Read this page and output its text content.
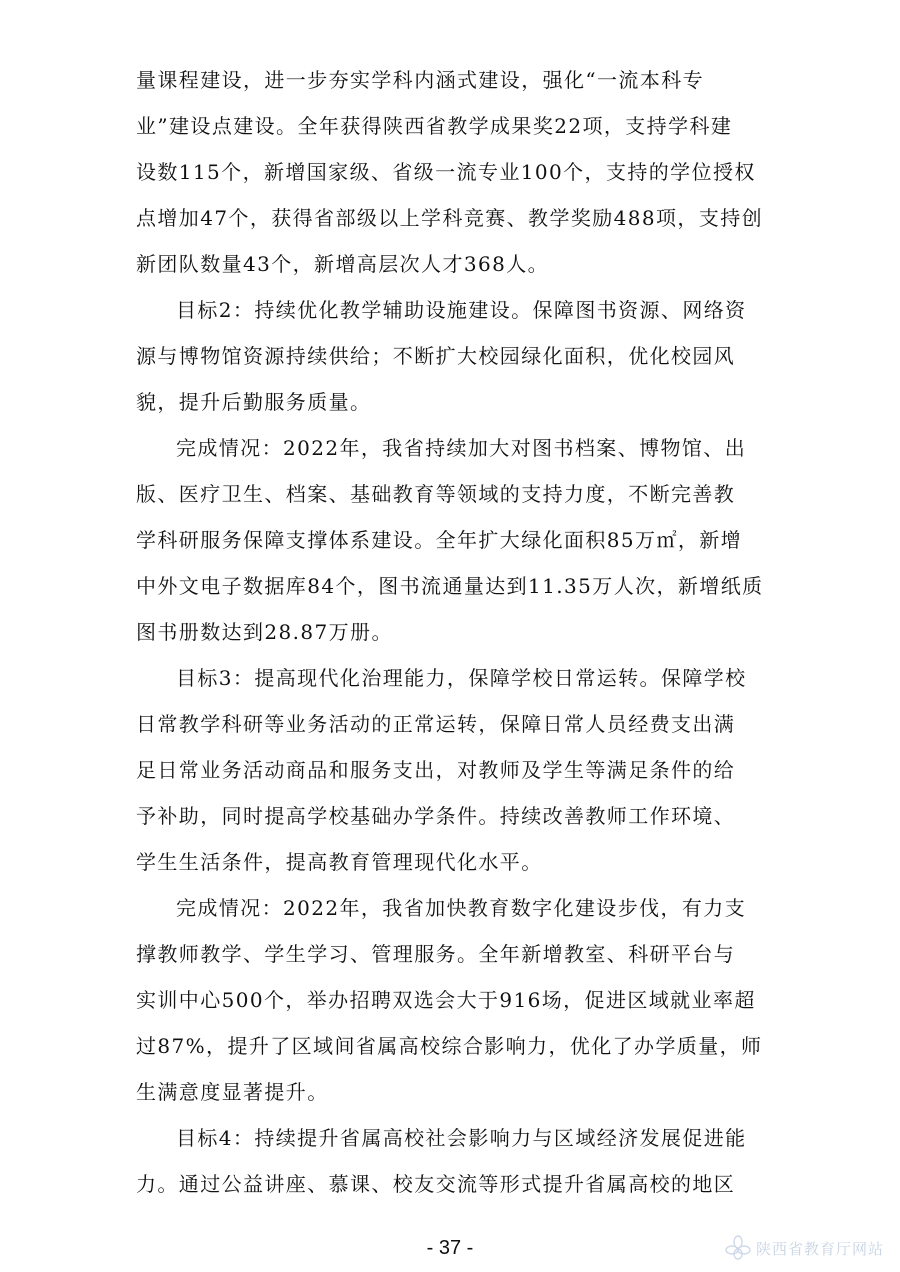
量课程建设，进一步夯实学科内涵式建设，强化“一流本科专
业”建设点建设。全年获得陕西省教学成果奖22项，支持学科建
设数115个，新增国家级、省级一流专业100个，支持的学位授权
点增加47个，获得省部级以上学科竞赛、教学奖励488项，支持创
新团队数量43个，新增高层次人才368人。

目标2：持续优化教学辅助设施建设。保障图书资源、网络资
源与博物馆资源持续供给；不断扩大校园绿化面积，优化校园风
貌，提升后勤服务质量。

完成情况：2022年，我省持续加大对图书档案、博物馆、出
版、医疗卫生、档案、基础教育等领域的支持力度，不断完善教
学科研服务保障支撑体系建设。全年扩大绿化面积85万㎡，新增
中外文电子数据库84个，图书流通量达到11.35万人次，新增纸质
图书册数达到28.87万册。

目标3：提高现代化治理能力，保障学校日常运转。保障学校
日常教学科研等业务活动的正常运转，保障日常人员经费支出满
足日常业务活动商品和服务支出，对教师及学生等满足条件的给
予补助，同时提高学校基础办学条件。持续改善教师工作环境、
学生生活条件，提高教育管理现代化水平。

完成情况：2022年，我省加快教育数字化建设步伐，有力支
撑教师教学、学生学习、管理服务。全年新增教室、科研平台与
实训中心500个，举办招聘双选会大于916场，促进区域就业率超
过87%，提升了区域间省属高校综合影响力，优化了办学质量，师
生满意度显著提升。

目标4：持续提升省属高校社会影响力与区域经济发展促进能
力。通过公益讲座、慕课、校友交流等形式提升省属高校的地区

- 37 -	陕西省教育厅网站
